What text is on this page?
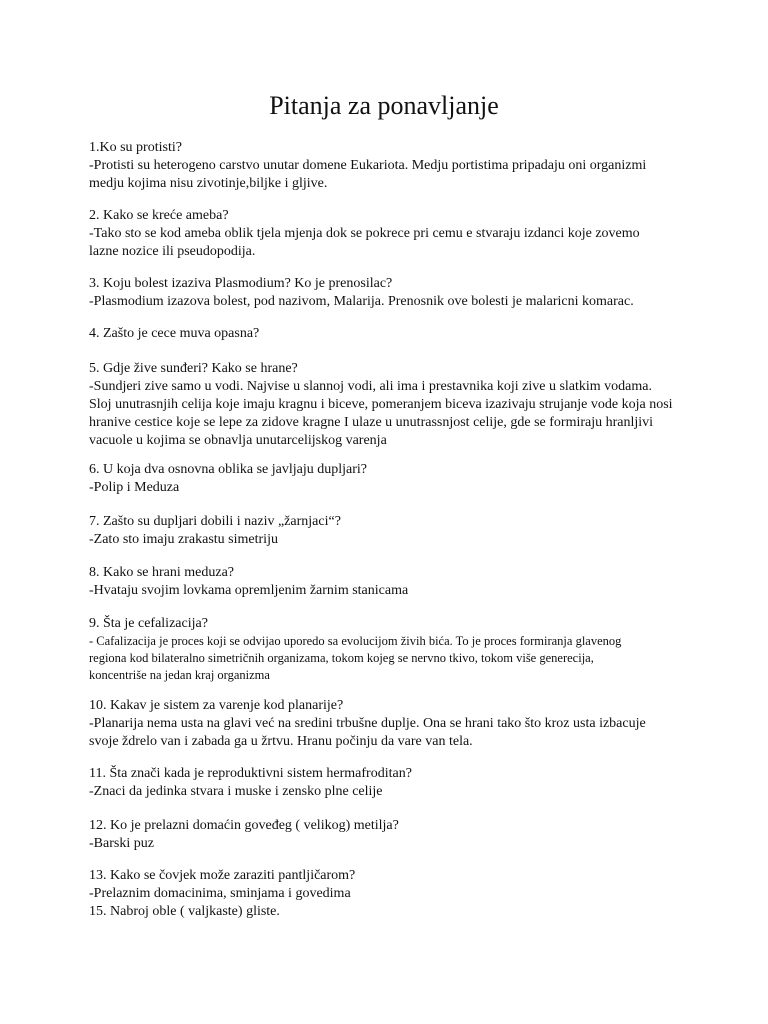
Pitanja za ponavljanje

1.Ko su protisti?

-Protisti su heterogeno carstvo unutar domene Eukariota. Medju portistima pripadaju oni organizmi

medju kojima nisu zivotinje,biljke i gljive.

2. Kako se kreće ameba?

-Tako sto se kod ameba oblik tjela mjenja dok se pokrece pri cemu e stvaraju izdanci koje zovemo

lazne nozice ili pseudopodija.

3. Koju bolest izaziva Plasmodium? Ko je prenosilac?

-Plasmodium izazova bolest, pod nazivom, Malarija. Prenosnik ove bolesti je malaricni komarac.

4. Zašto je cece muva opasna?

5. Gdje žive sunđeri? Kako se hrane?

-Sundjeri zive samo u vodi. Najvise u slannoj vodi, ali ima i prestavnika koji zive u slatkim vodama.

Sloj unutrasnjih celija koje imaju kragnu i biceve, pomeranjem biceva izazivaju strujanje vode koja nosi

hranive cestice koje se lepe za zidove kragne I ulaze u unutrassnjost celije, gde se formiraju hranljivi

vacuole u kojima se obnavlja unutarcelijskog varenja

6. U koja dva osnovna oblika se javljaju dupljari?

-Polip i Meduza

7. Zašto su dupljari dobili i naziv „žarnjaci“?

-Zato sto imaju zrakastu simetriju

8. Kako se hrani meduza?

-Hvataju svojim lovkama opremljenim žarnim stanicama

9. Šta je cefalizacija?

- Cafalizacija je proces koji se odvijao uporedo sa evolucijom živih bića. To je proces formiranja glavenog

regiona kod bilateralno simetričnih organizama, tokom kojeg se nervno tkivo, tokom više generecija,

koncentriše na jedan kraj organizma

10. Kakav je sistem za varenje kod planarije?

-Planarija nema usta na glavi već na sredini trbušne duplje. Ona se hrani tako što kroz usta izbacuje

svoje ždrelo van i zabada ga u žrtvu. Hranu počinju da vare van tela.

11. Šta znači kada je reproduktivni sistem hermafroditan?

-Znaci da jedinka stvara i muske i zensko plne celije

12. Ko je prelazni domaćin goveđeg ( velikog) metilja?

-Barski puz

13. Kako se čovjek može zaraziti pantljičarom?

-Prelaznim domacinima, sminjama i govedima

15. Nabroj oble ( valjkaste) gliste.
